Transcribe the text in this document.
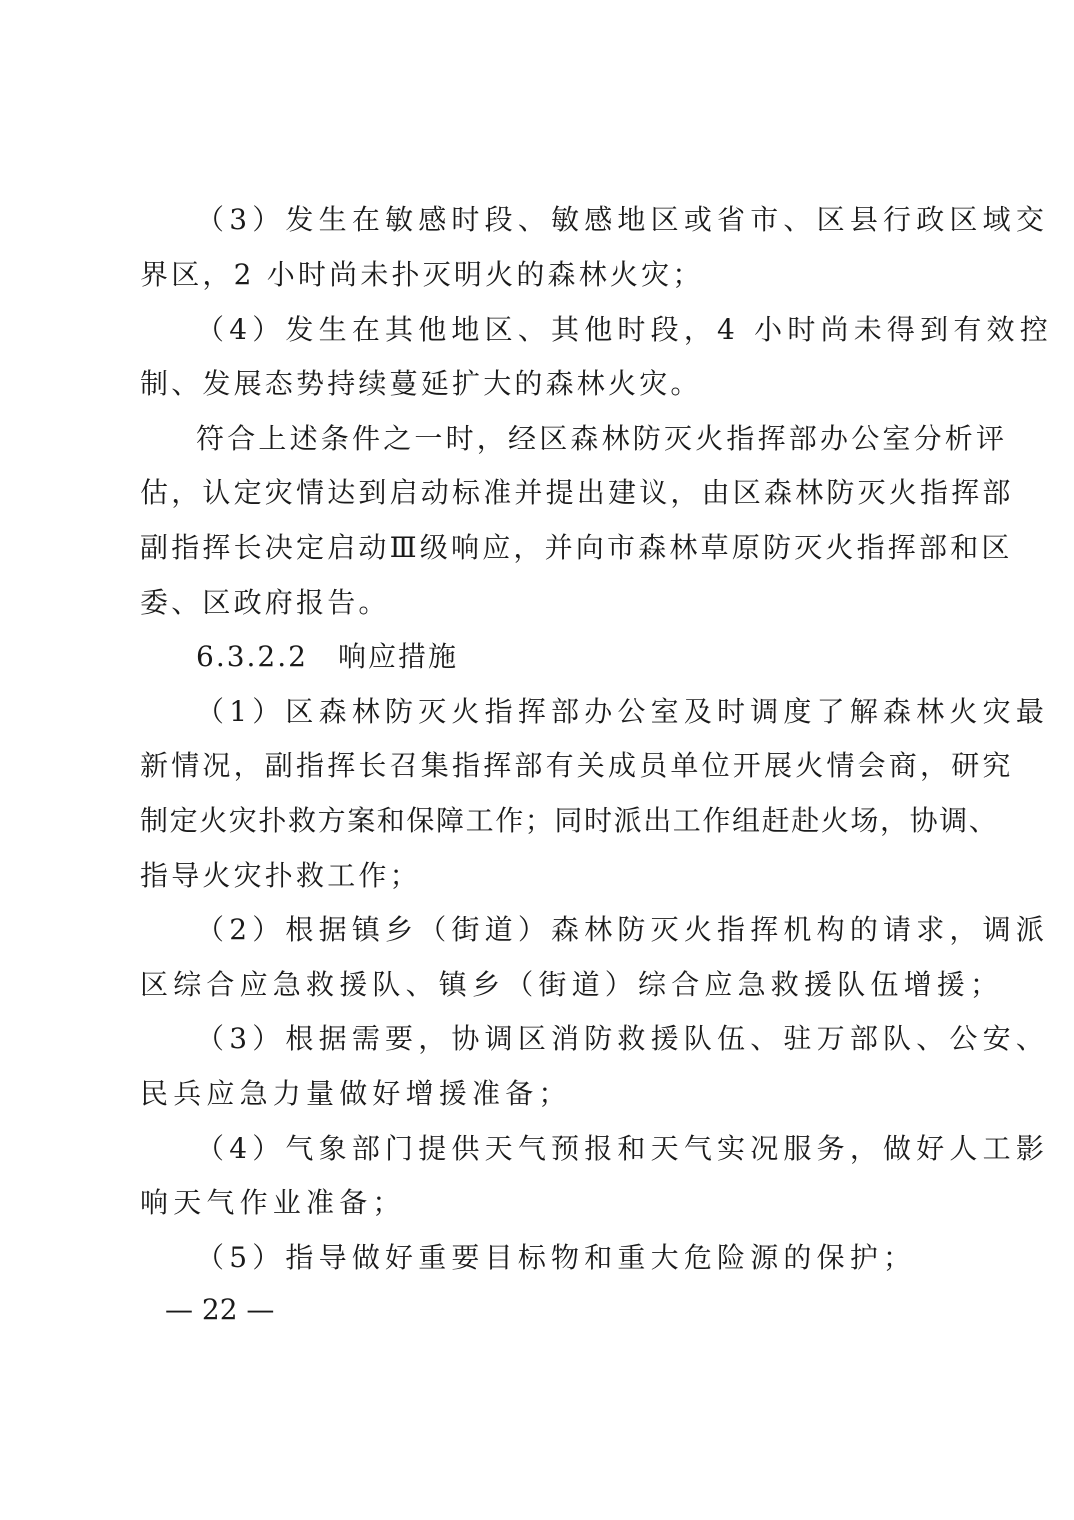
（3）发生在敏感时段、敏感地区或省市、区县行政区域交
界区，2 小时尚未扑灭明火的森林火灾；
（4）发生在其他地区、其他时段，4 小时尚未得到有效控
制、发展态势持续蔓延扩大的森林火灾。
符合上述条件之一时，经区森林防灭火指挥部办公室分析评
估，认定灾情达到启动标准并提出建议，由区森林防灭火指挥部
副指挥长决定启动Ⅲ级响应，并向市森林草原防灭火指挥部和区
委、区政府报告。
6.3.2.2　响应措施
（1）区森林防灭火指挥部办公室及时调度了解森林火灾最
新情况，副指挥长召集指挥部有关成员单位开展火情会商，研究
制定火灾扑救方案和保障工作；同时派出工作组赶赴火场，协调、
指导火灾扑救工作；
（2）根据镇乡（街道）森林防灭火指挥机构的请求，调派
区综合应急救援队、镇乡（街道）综合应急救援队伍增援；
（3）根据需要，协调区消防救援队伍、驻万部队、公安、
民兵应急力量做好增援准备；
（4）气象部门提供天气预报和天气实况服务，做好人工影
响天气作业准备；
（5）指导做好重要目标物和重大危险源的保护；
— 22 —
